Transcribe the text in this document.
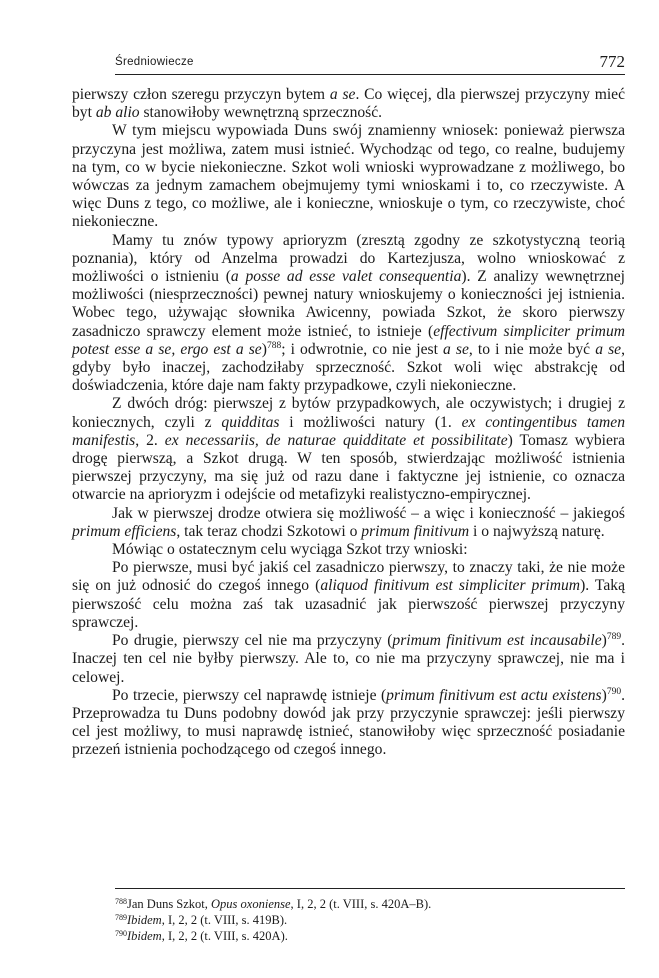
Średniowiecze	772

pierwszy człon szeregu przyczyn bytem a se. Co więcej, dla pierwszej przyczyny mieć byt ab alio stanowiłoby wewnętrzną sprzeczność.

W tym miejscu wypowiada Duns swój znamienny wniosek: ponieważ pierwsza przyczyna jest możliwa, zatem musi istnieć. Wychodząc od tego, co realne, budujemy na tym, co w bycie niekonieczne. Szkot woli wnioski wyprowadzane z możliwego, bo wówczas za jednym zamachem obejmujemy tymi wnioskami i to, co rzeczywiste. A więc Duns z tego, co możliwe, ale i konieczne, wnioskuje o tym, co rzeczywiste, choć niekonieczne.

Mamy tu znów typowy aprioryzm (zresztą zgodny ze szkotystyczną teorią poznania), który od Anzelma prowadzi do Kartezjusza, wolno wnioskować z możliwości o istnieniu (a posse ad esse valet consequentia). Z analizy wewnętrznej możliwości (niesprzeczności) pewnej natury wnioskujemy o konieczności jej istnienia. Wobec tego, używając słownika Awicenny, powiada Szkot, że skoro pierwszy zasadniczo sprawczy element może istnieć, to istnieje (effectivum simpliciter primum potest esse a se, ergo est a se)$^{788}$; i odwrotnie, co nie jest a se, to i nie może być a se, gdyby było inaczej, zachodziłaby sprzeczność. Szkot woli więc abstrakcję od doświadczenia, które daje nam fakty przypadkowe, czyli niekonieczne.

Z dwóch dróg: pierwszej z bytów przypadkowych, ale oczywistych; i drugiej z koniecznych, czyli z quidditas i możliwości natury (1. ex contingentibus tamen manifestis, 2. ex necessariis, de naturae quidditate et possibilitate) Tomasz wybiera drogę pierwszą, a Szkot drugą. W ten sposób, stwierdzając możliwość istnienia pierwszej przyczyny, ma się już od razu dane i faktyczne jej istnienie, co oznacza otwarcie na aprioryzm i odejście od metafizyki realistyczno-empirycznej.

Jak w pierwszej drodze otwiera się możliwość – a więc i konieczność – jakiegoś primum efficiens, tak teraz chodzi Szkotowi o primum finitivum i o najwyższą naturę.

Mówiąc o ostatecznym celu wyciąga Szkot trzy wnioski:

Po pierwsze, musi być jakiś cel zasadniczo pierwszy, to znaczy taki, że nie może się on już odnosić do czegoś innego (aliquod finitivum est simpliciter primum). Taką pierwszość celu można zaś tak uzasadnić jak pierwszość pierwszej przyczyny sprawczej.

Po drugie, pierwszy cel nie ma przyczyny (primum finitivum est incausabile)$^{789}$. Inaczej ten cel nie byłby pierwszy. Ale to, co nie ma przyczyny sprawczej, nie ma i celowej.

Po trzecie, pierwszy cel naprawdę istnieje (primum finitivum est actu existens)$^{790}$. Przeprowadza tu Duns podobny dowód jak przy przyczynie sprawczej: jeśli pierwszy cel jest możliwy, to musi naprawdę istnieć, stanowiłoby więc sprzeczność posiadanie przezeń istnienia pochodzącego od czegoś innego.

$^{788}$Jan Duns Szkot, Opus oxoniense, I, 2, 2 (t. VIII, s. 420A–B).

$^{789}$Ibidem, I, 2, 2 (t. VIII, s. 419B).

$^{790}$Ibidem, I, 2, 2 (t. VIII, s. 420A).
